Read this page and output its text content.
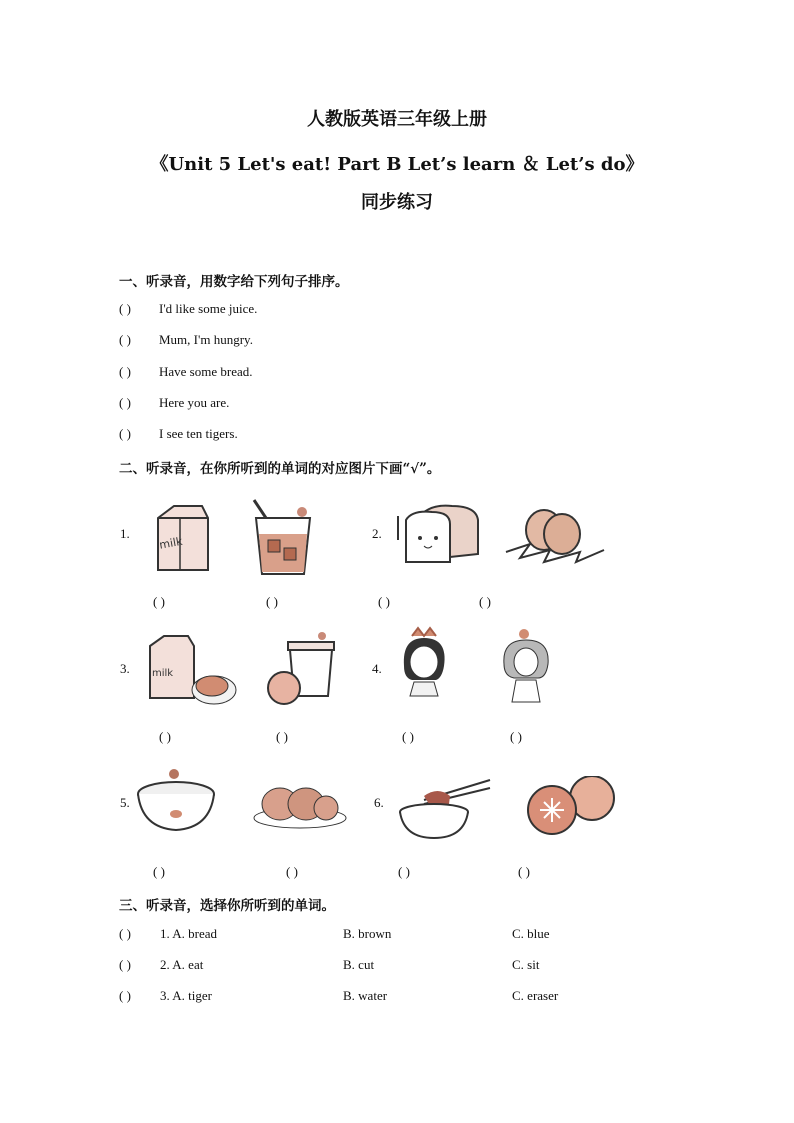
人教版英语三年级上册
《Unit 5 Let's eat! Part B Let’s learn ＆ Let’s do》
同步练习
一、听录音，用数字给下列句子排序。
( ) I'd like some juice.
( ) Mum, I'm hungry.
( ) Have some bread.
( ) Here you are.
( ) I see ten tigers.
二、听录音，在你所听到的单词的对应图片下画“√”。
1.
milk
2.
( )	( )	( )	( )
3. milk	4.
( )	( )	( )	( )
5.	6.
( )	( )	( )	( )
三、听录音，选择你所听到的单词。
( ) 1. A. bread	B. brown	C. blue
( ) 2. A. eat	B. cut	C. sit
( ) 3. A. tiger	B. water	C. eraser
